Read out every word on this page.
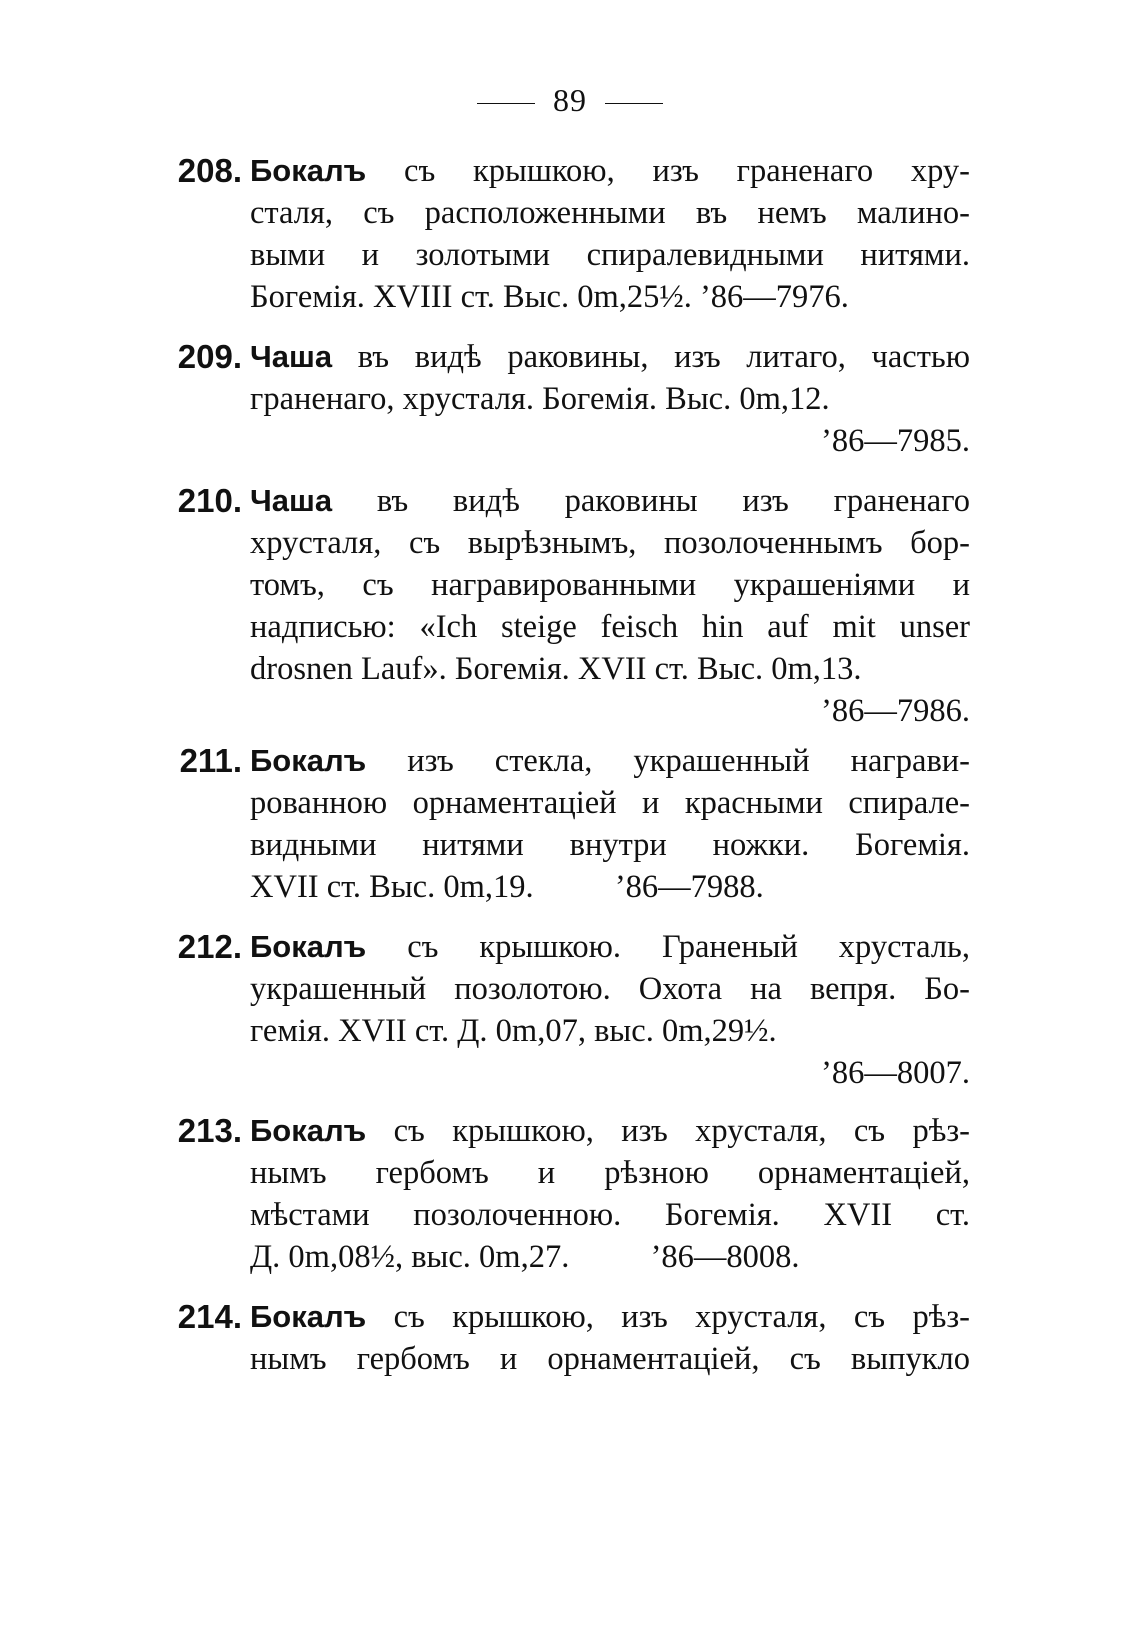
89
208. Бокалъ съ крышкою, изъ граненаго хру-
сталя, съ расположенными въ немъ малино-
выми и золотыми спиралевидными нитями.
Богемія. XVIII ст. Выс. 0m,25½. ’86—7976.
209. Чаша въ видѣ раковины, изъ литаго, частью
граненаго, хрусталя. Богемія. Выс. 0m,12.
’86—7985.
210. Чаша въ видѣ раковины изъ граненаго
хрусталя, съ вырѣзнымъ, позолоченнымъ бор-
томъ, съ награвированными украшеніями и
надписью: «Ich steige feisch hin auf mit unser
drosnen Lauf». Богемія. XVII ст. Выс. 0m,13.
’86—7986.
211. Бокалъ изъ стекла, украшенный награви-
рованною орнаментаціей и красными спирале-
видными нитями внутри ножки. Богемія.
XVII ст. Выс. 0m,19.          ’86—7988.
212. Бокалъ съ крышкою. Граненый хрусталь,
украшенный позолотою. Охота на вепря. Бо-
гемія. XVII ст. Д. 0m,07, выс. 0m,29½.
’86—8007.
213. Бокалъ съ крышкою, изъ хрусталя, съ рѣз-
нымъ гербомъ и рѣзною орнаментаціей,
мѣстами позолоченною. Богемія. XVII ст.
Д. 0m,08½, выс. 0m,27.          ’86—8008.
214. Бокалъ съ крышкою, изъ хрусталя, съ рѣз-
нымъ гербомъ и орнаментаціей, съ выпукло
